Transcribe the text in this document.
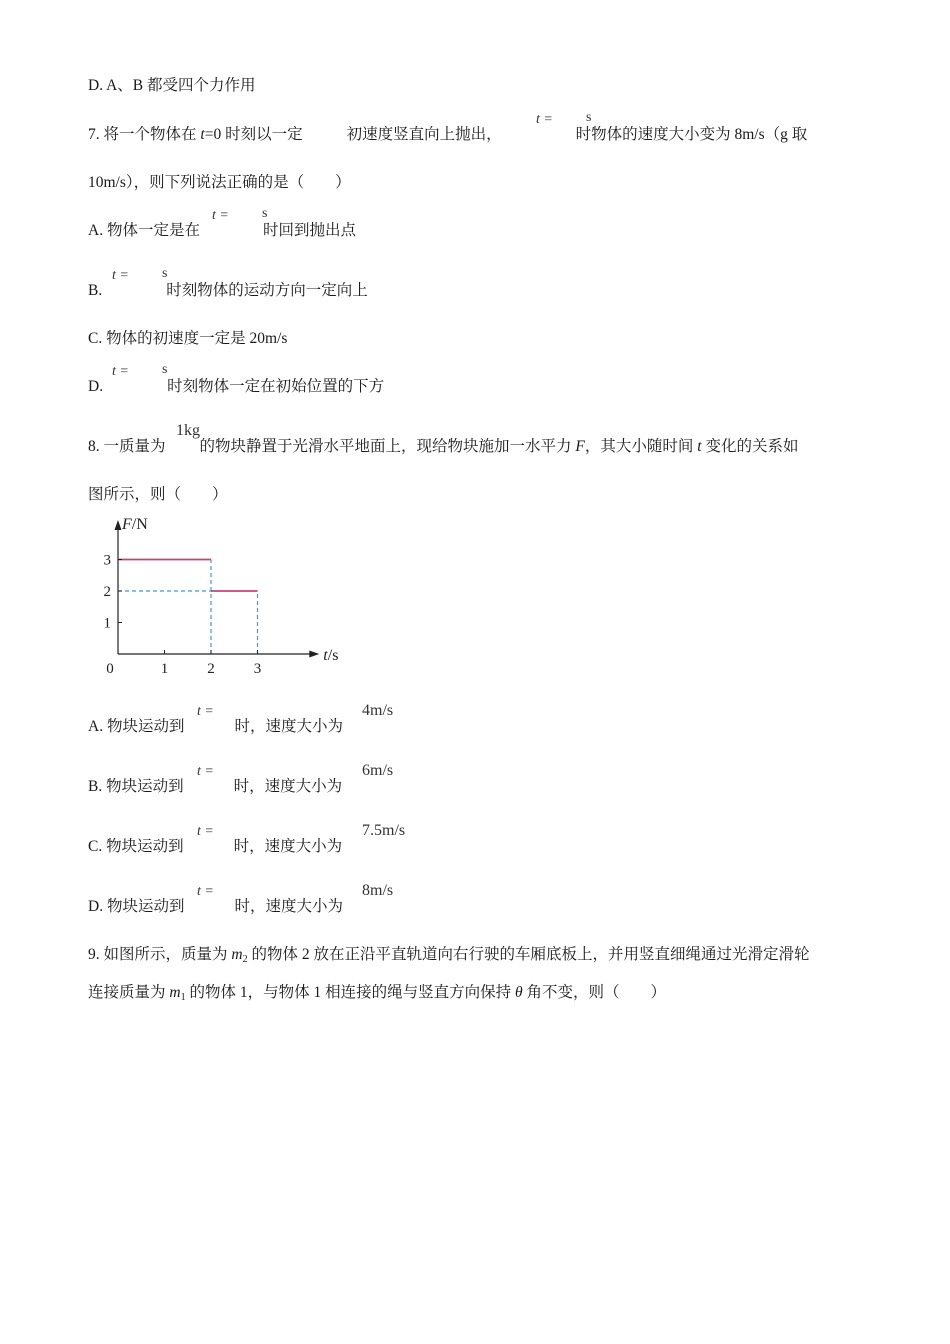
D. A、B 都受四个力作用
7. 将一个物体在 t=0 时刻以一定	初速度竖直向上抛出，	时物体的速度大小变为 8m/s（g 取
t = s
10m/s），则下列说法正确的是（　　）
A. 物体一定是在	时回到抛出点
t = s
B.	时刻物体的运动方向一定向上
t = s
C. 物体的初速度一定是 20m/s
D.	时刻物体一定在初始位置的下方
t = s
8. 一质量为 的物块静置于光滑水平地面上，现给物块施加一水平力 F，其大小随时间 t 变化的关系如
1kg
图所示，则（　　）
0	1	2	3
1
2
3
F/N
t/s
A. 物块运动到	时，速度大小为
t =	4m/s
B. 物块运动到	时，速度大小为
t =	6m/s
C. 物块运动到	时，速度大小为
t =	7.5m/s
D. 物块运动到	时，速度大小为
t =	8m/s
9. 如图所示，质量为 $m_2$ 的物体 2 放在正沿平直轨道向右行驶的车厢底板上，并用竖直细绳通过光滑定滑轮
连接质量为 $m_1$ 的物体 1，与物体 1 相连接的绳与竖直方向保持 θ 角不变，则（　　）
